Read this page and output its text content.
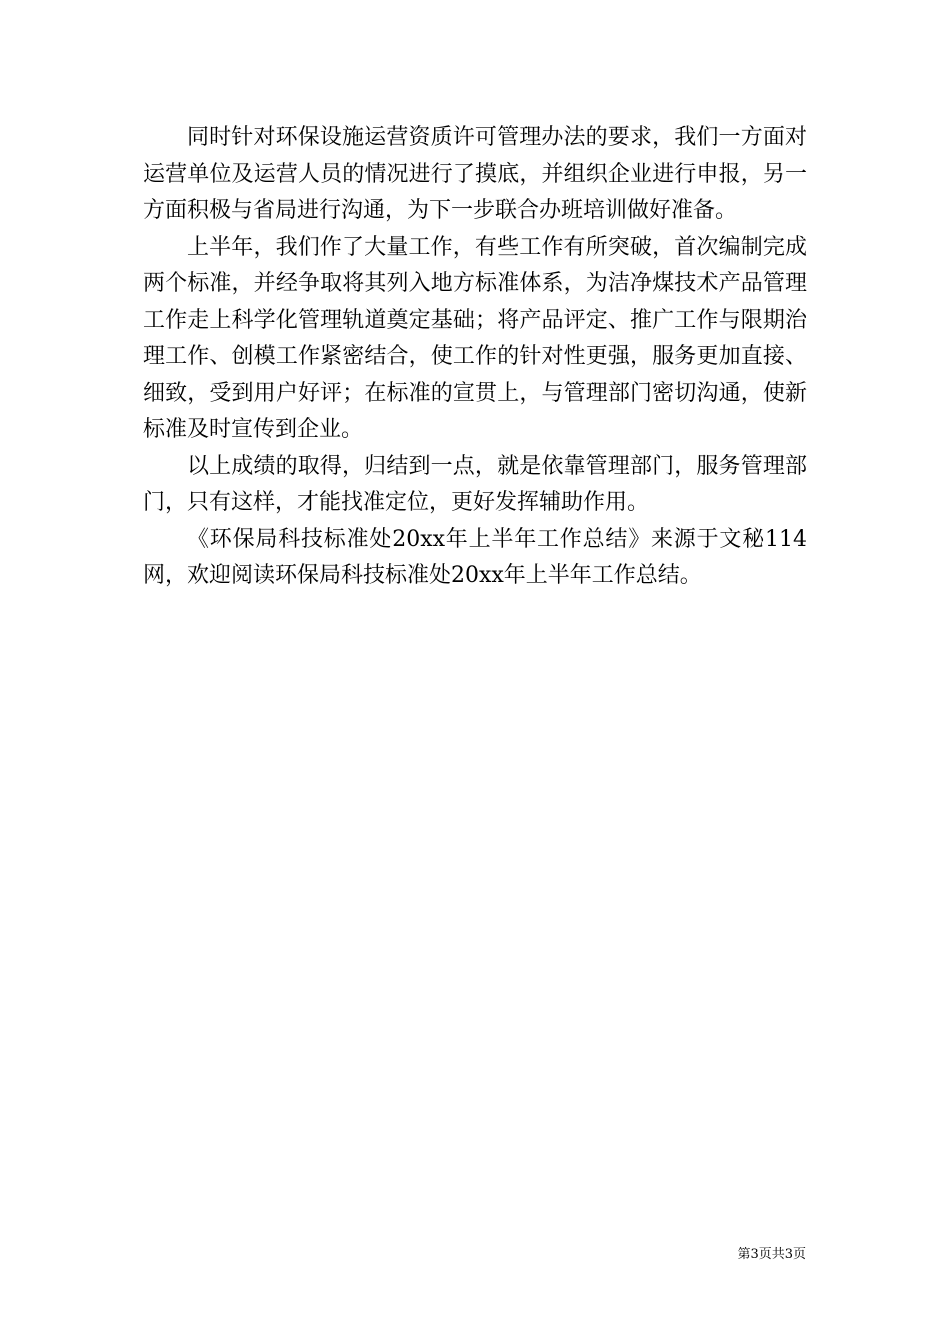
同时针对环保设施运营资质许可管理办法的要求，我们一方面对运营单位及运营人员的情况进行了摸底，并组织企业进行申报，另一方面积极与省局进行沟通，为下一步联合办班培训做好准备。

上半年，我们作了大量工作，有些工作有所突破，首次编制完成两个标准，并经争取将其列入地方标准体系，为洁净煤技术产品管理工作走上科学化管理轨道奠定基础；将产品评定、推广工作与限期治理工作、创模工作紧密结合，使工作的针对性更强，服务更加直接、细致，受到用户好评；在标准的宣贯上，与管理部门密切沟通，使新标准及时宣传到企业。

以上成绩的取得，归结到一点，就是依靠管理部门，服务管理部门，只有这样，才能找准定位，更好发挥辅助作用。

《环保局科技标准处20xx年上半年工作总结》来源于文秘114网，欢迎阅读环保局科技标准处20xx年上半年工作总结。

第3页共3页
